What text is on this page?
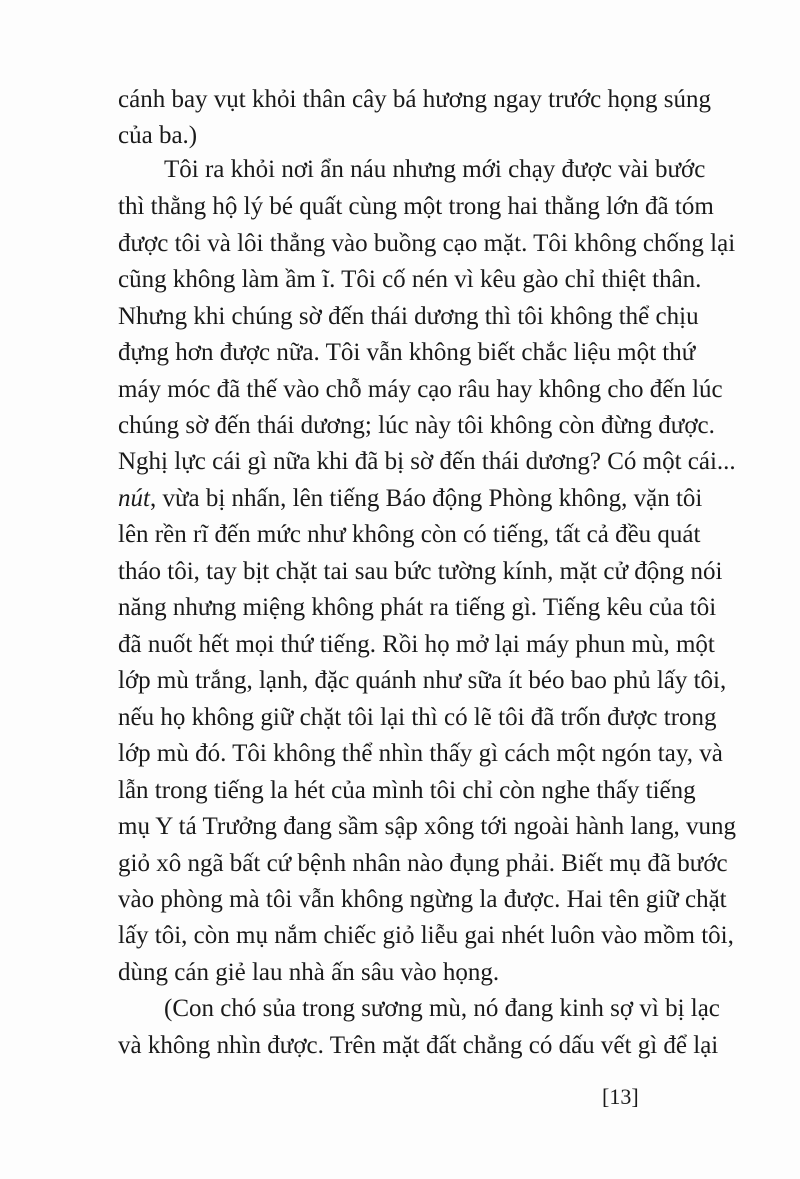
cánh bay vụt khỏi thân cây bá hương ngay trước họng súng
của ba.)
Tôi ra khỏi nơi ẩn náu nhưng mới chạy được vài bước
thì thằng hộ lý bé quất cùng một trong hai thằng lớn đã tóm
được tôi và lôi thẳng vào buồng cạo mặt. Tôi không chống lại
cũng không làm ầm ĩ. Tôi cố nén vì kêu gào chỉ thiệt thân.
Nhưng khi chúng sờ đến thái dương thì tôi không thể chịu
đựng hơn được nữa. Tôi vẫn không biết chắc liệu một thứ
máy móc đã thế vào chỗ máy cạo râu hay không cho đến lúc
chúng sờ đến thái dương; lúc này tôi không còn đừng được.
Nghị lực cái gì nữa khi đã bị sờ đến thái dương? Có một cái...
nút , vừa bị nhấn, lên tiếng Báo động Phòng không, vặn tôi
lên rền rĩ đến mức như không còn có tiếng, tất cả đều quát
tháo tôi, tay bịt chặt tai sau bức tường kính, mặt cử động nói
năng nhưng miệng không phát ra tiếng gì. Tiếng kêu của tôi
đã nuốt hết mọi thứ tiếng. Rồi họ mở lại máy phun mù, một
lớp mù trắng, lạnh, đặc quánh như sữa ít béo bao phủ lấy tôi,
nếu họ không giữ chặt tôi lại thì có lẽ tôi đã trốn được trong
lớp mù đó. Tôi không thể nhìn thấy gì cách một ngón tay, và
lẫn trong tiếng la hét của mình tôi chỉ còn nghe thấy tiếng
mụ Y tá Trưởng đang sầm sập xông tới ngoài hành lang, vung
giỏ xô ngã bất cứ bệnh nhân nào đụng phải. Biết mụ đã bước
vào phòng mà tôi vẫn không ngừng la được. Hai tên giữ chặt
lấy tôi, còn mụ nắm chiếc giỏ liễu gai nhét luôn vào mồm tôi,
dùng cán giẻ lau nhà ấn sâu vào họng.
(Con chó sủa trong sương mù, nó đang kinh sợ vì bị lạc
và không nhìn được. Trên mặt đất chẳng có dấu vết gì để lại
[13]
